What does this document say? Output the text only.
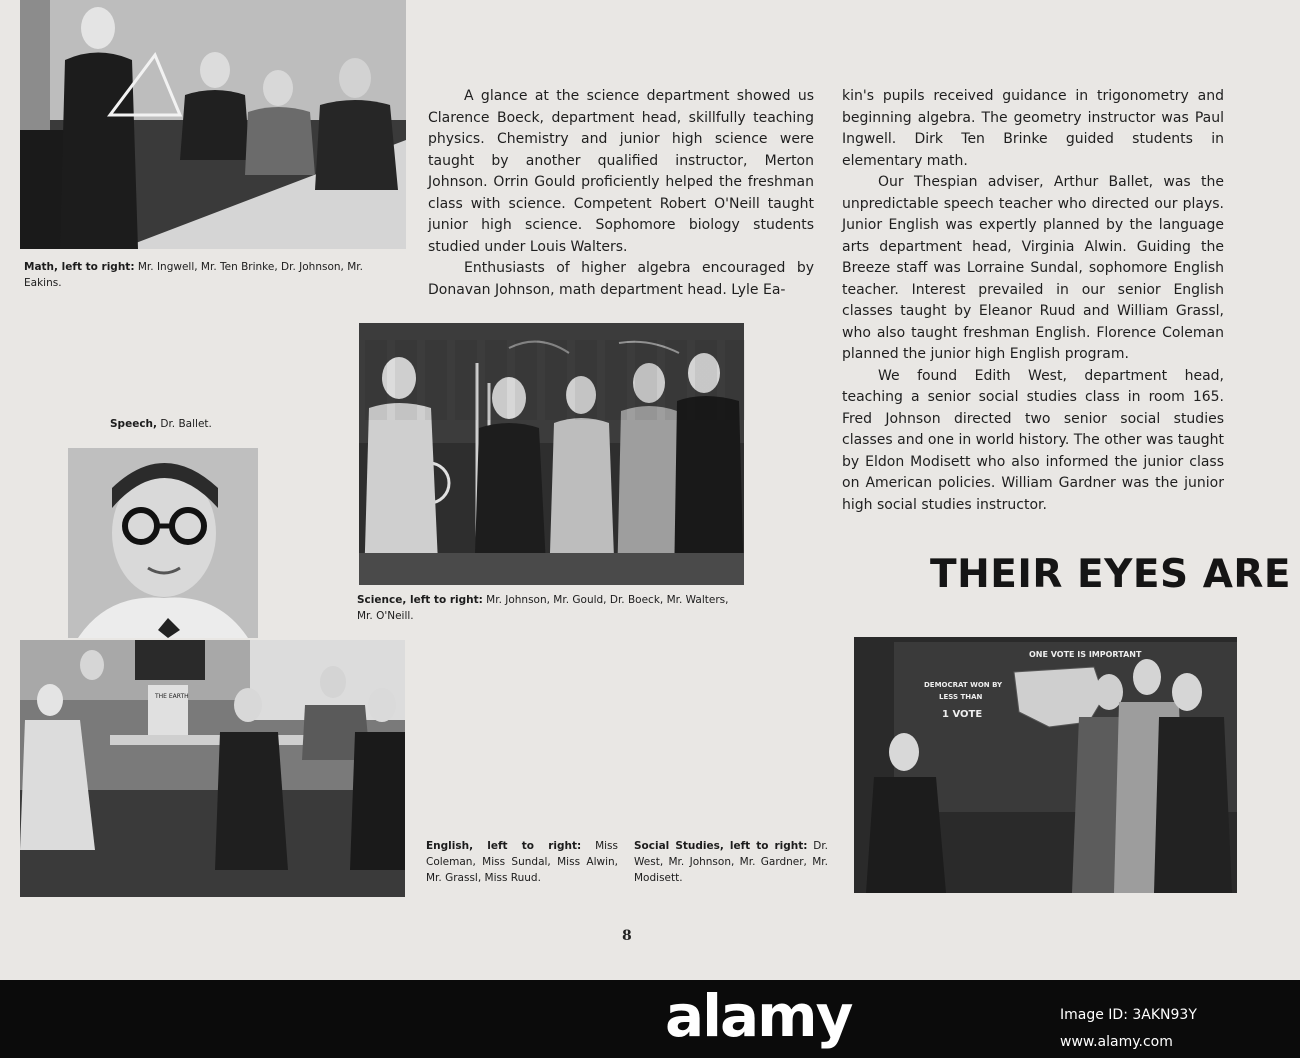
Math, left to right: Mr. Ingwell, Mr. Ten Brinke, Dr. Johnson, Mr. Eakins.

Speech, Dr. Ballet.

Science, left to right: Mr. Johnson, Mr. Gould, Dr. Boeck, Mr. Walters, Mr. O'Neill.

THE EARTH

English, left to right: Miss Coleman, Miss Sundal, Miss Alwin, Mr. Grassl, Miss Ruud.

Social Studies, left to right: Dr. West, Mr. Johnson, Mr. Gardner, Mr. Modisett.

A glance at the science department showed us Clarence Boeck, department head, skillfully teaching physics. Chemistry and junior high science were taught by another qualified instructor, Merton Johnson. Orrin Gould proficiently helped the freshman class with science. Competent Robert O'Neill taught junior high science. Sophomore biology students studied under Louis Walters.

Enthusiasts of higher algebra encouraged by Donavan Johnson, math department head. Lyle Ea-

kin's pupils received guidance in trigonometry and beginning algebra. The geometry instructor was Paul Ingwell. Dirk Ten Brinke guided students in elementary math.

Our Thespian adviser, Arthur Ballet, was the unpredictable speech teacher who directed our plays. Junior English was expertly planned by the language arts department head, Virginia Alwin. Guiding the Breeze staff was Lorraine Sundal, sophomore English teacher. Interest prevailed in our senior English classes taught by Eleanor Ruud and William Grassl, who also taught freshman English. Florence Coleman planned the junior high English program.

We found Edith West, department head, teaching a senior social studies class in room 165. Fred Johnson directed two senior social studies classes and one in world history. The other was taught by Eldon Modisett who also informed the junior class on American policies. William Gardner was the junior high social studies instructor.

THEIR EYES ARE
ONE VOTE IS IMPORTANT
DEMOCRAT WON BY
LESS THAN
1 VOTE
8
alamy	Image ID: 3AKN93Y
www.alamy.com
